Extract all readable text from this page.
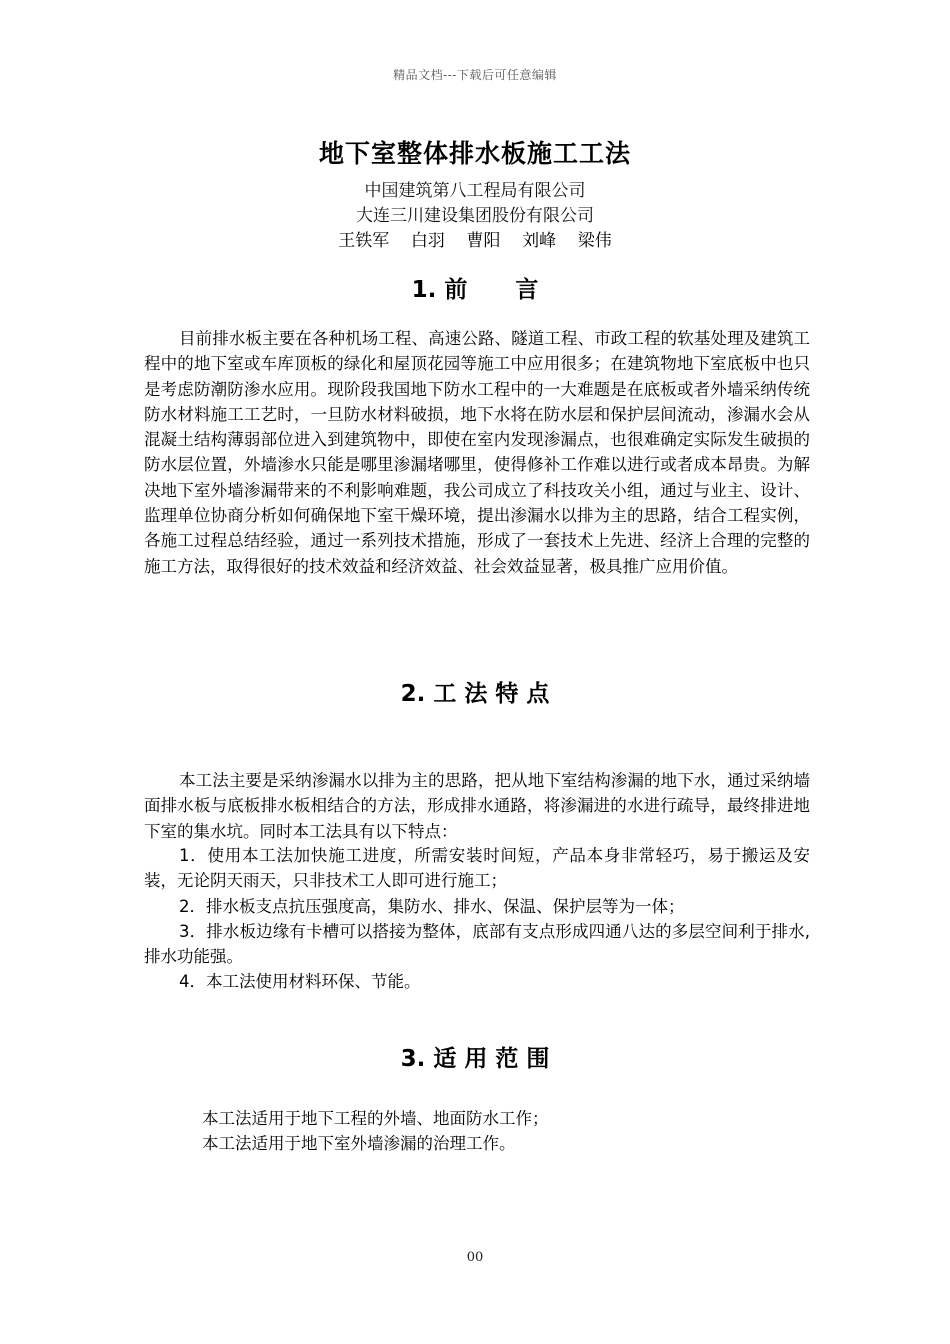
精品文档---下载后可任意编辑
地下室整体排水板施工工法
中国建筑第八工程局有限公司
大连三川建设集团股份有限公司
王铁军    白羽    曹阳    刘峰    梁伟
1. 前      言

目前排水板主要在各种机场工程、高速公路、隧道工程、市政工程的软基处理及建筑工程中的地下室或车库顶板的绿化和屋顶花园等施工中应用很多；在建筑物地下室底板中也只是考虑防潮防渗水应用。现阶段我国地下防水工程中的一大难题是在底板或者外墙采纳传统防水材料施工工艺时，一旦防水材料破损，地下水将在防水层和保护层间流动，渗漏水会从混凝土结构薄弱部位进入到建筑物中，即使在室内发现渗漏点，也很难确定实际发生破损的防水层位置，外墙渗水只能是哪里渗漏堵哪里，使得修补工作难以进行或者成本昂贵。为解决地下室外墙渗漏带来的不利影响难题，我公司成立了科技攻关小组，通过与业主、设计、监理单位协商分析如何确保地下室干燥环境，提出渗漏水以排为主的思路，结合工程实例，各施工过程总结经验，通过一系列技术措施，形成了一套技术上先进、经济上合理的完整的施工方法，取得很好的技术效益和经济效益、社会效益显著，极具推广应用价值。

2. 工 法 特 点

本工法主要是采纳渗漏水以排为主的思路，把从地下室结构渗漏的地下水，通过采纳墙面排水板与底板排水板相结合的方法，形成排水通路，将渗漏进的水进行疏导，最终排进地下室的集水坑。同时本工法具有以下特点：

1．使用本工法加快施工进度，所需安装时间短，产品本身非常轻巧，易于搬运及安装，无论阴天雨天，只非技术工人即可进行施工；
2．排水板支点抗压强度高，集防水、排水、保温、保护层等为一体；
3．排水板边缘有卡槽可以搭接为整体，底部有支点形成四通八达的多层空间利于排水,排水功能强。
4．本工法使用材料环保、节能。
3. 适 用 范 围
本工法适用于地下工程的外墙、地面防水工作；
本工法适用于地下室外墙渗漏的治理工作。
00
